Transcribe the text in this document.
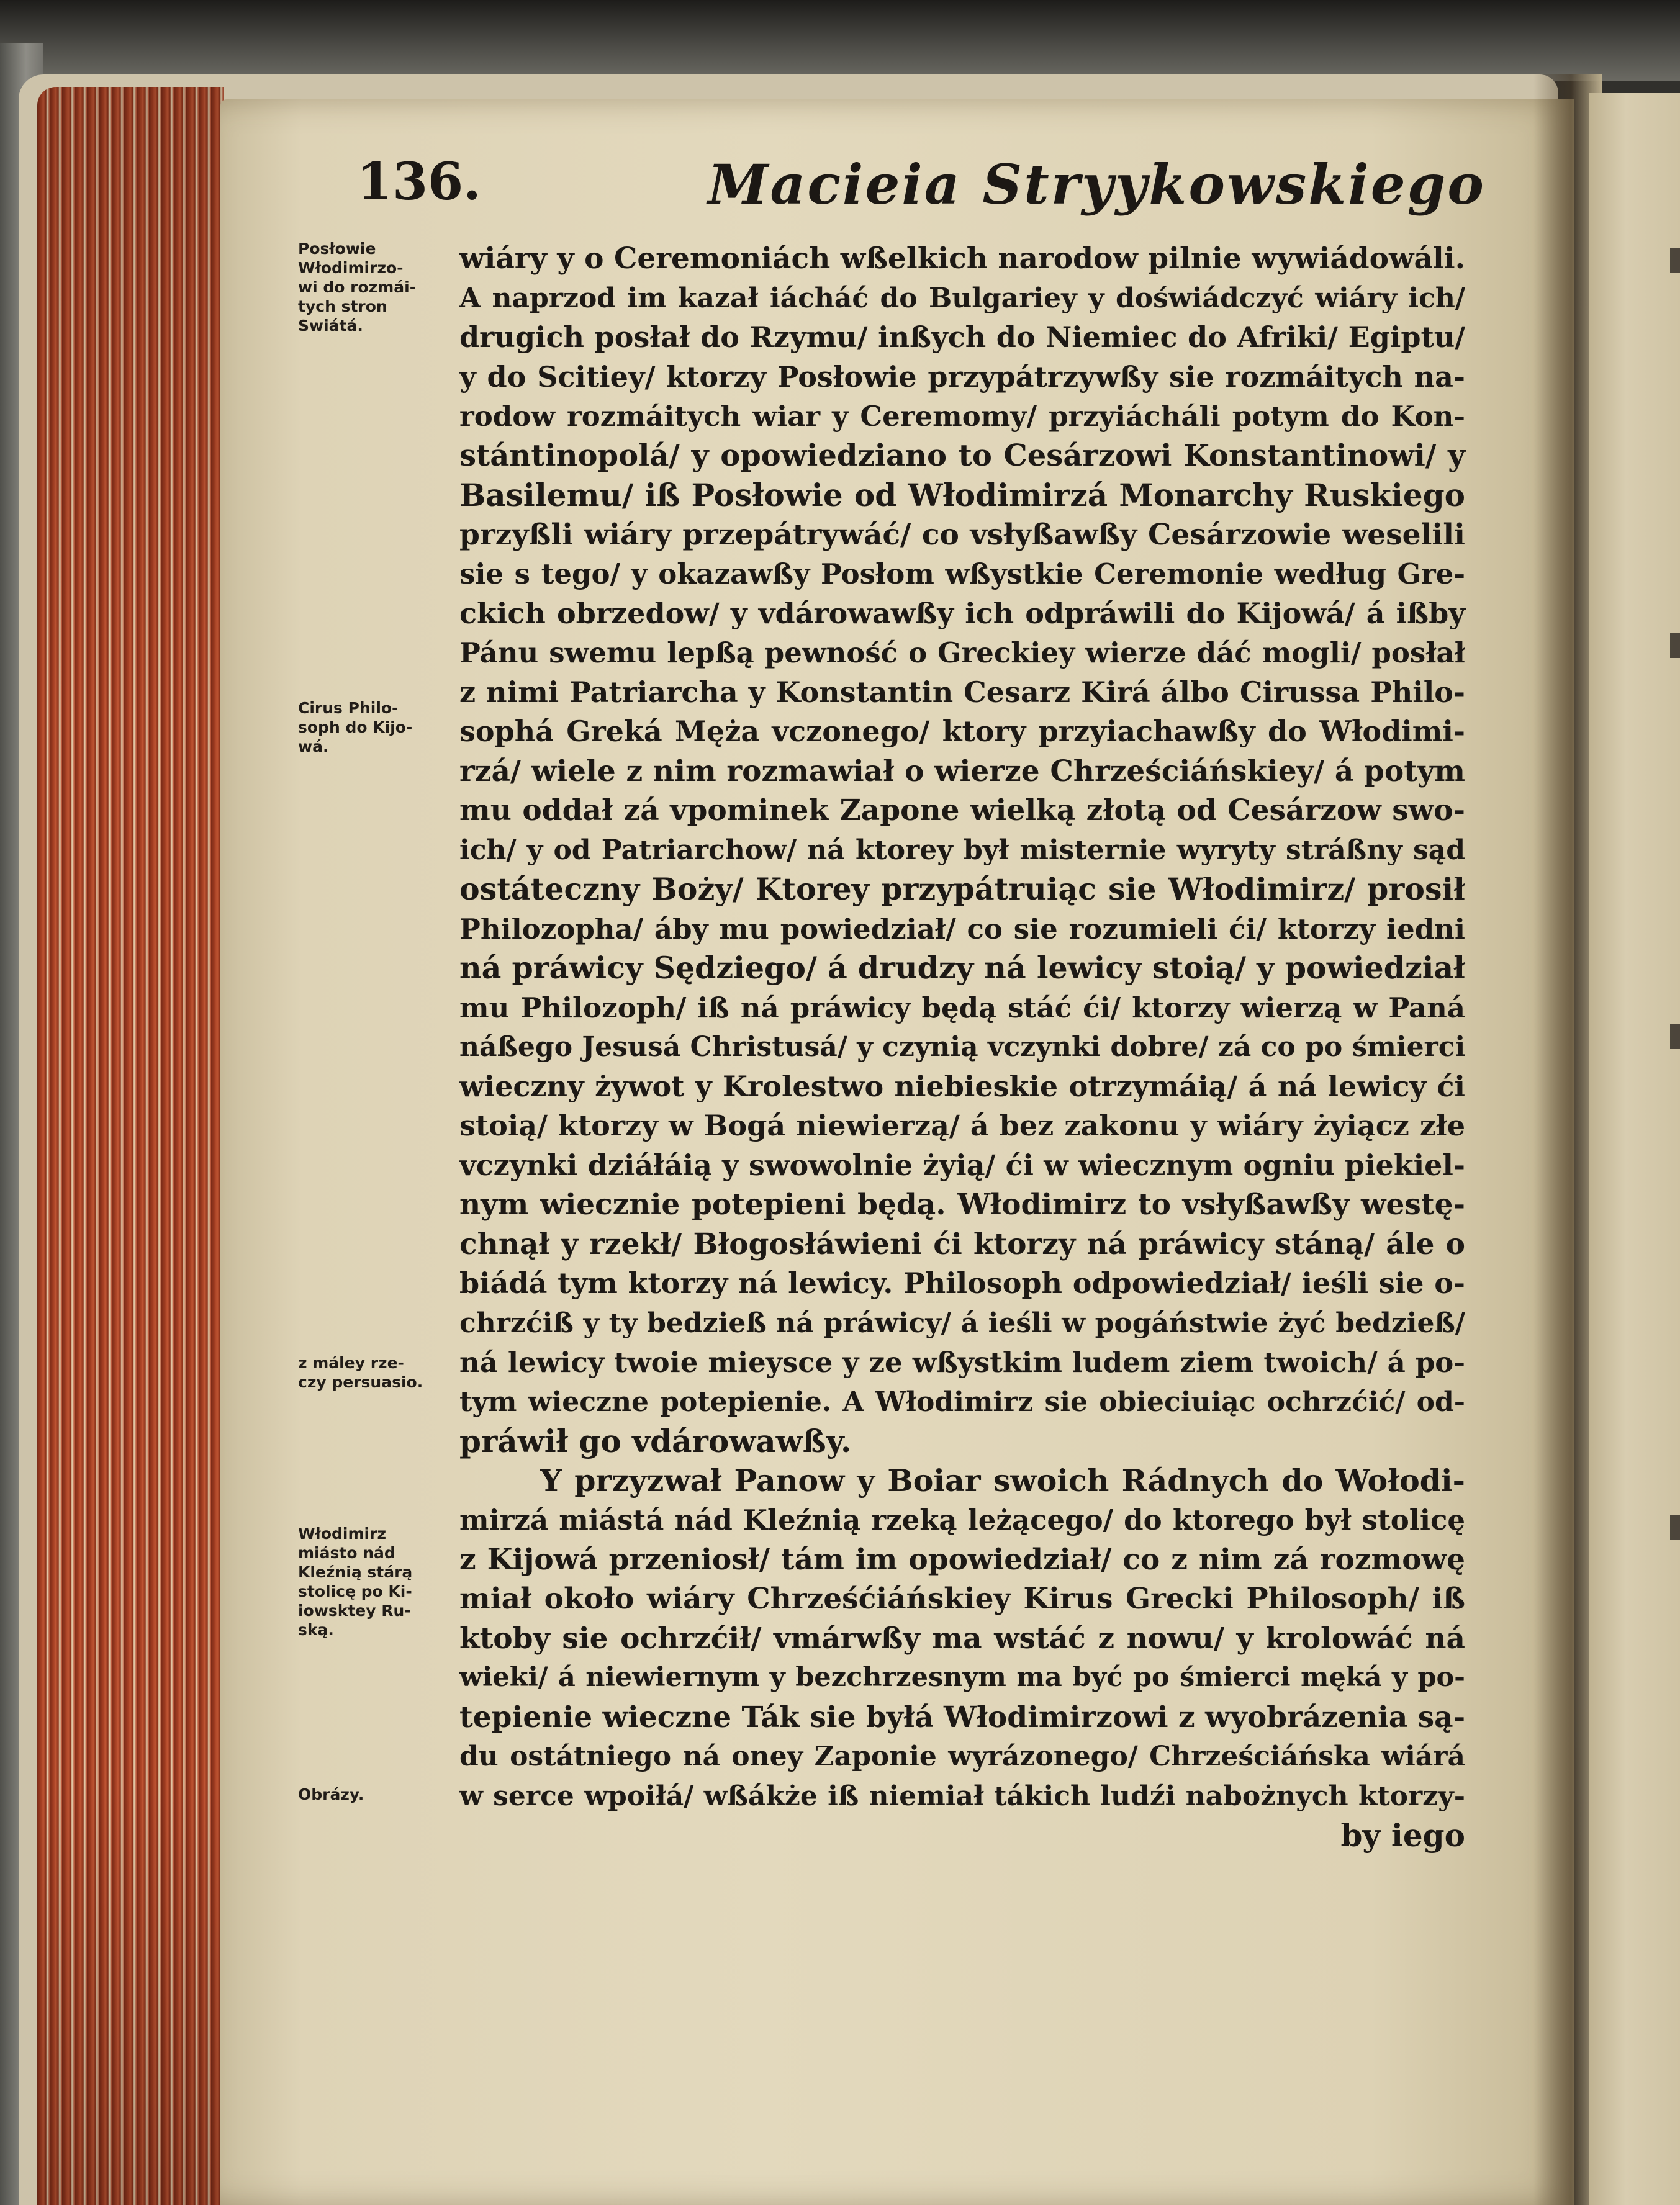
136.	Macieia Stryykowskiego

Posłowie
Włodimirzo-
wi do rozmái-
tych stron
Swiátá.
Cirus Philo-
soph do Kijo-
wá.
z máley rze-
czy persuasio.
Włodimirz
miásto nád
Kleźnią stárą
stolicę po Ki-
iowsktey Ru-
ską.
Obrázy.
wiáry y o Ceremoniách wßelkich narodow pilnie wywiádowáli.
A naprzod im kazał iácháć do Bulgariey y doświádczyć wiáry ich/
drugich posłał do Rzymu/ inßych do Niemiec do Afriki/ Egiptu/
y do Scitiey/ ktorzy Posłowie przypátrzywßy sie rozmáitych na-
rodow rozmáitych wiar y Ceremomy/ przyiácháli potym do Kon-
stántinopolá/ y opowiedziano to Cesárzowi Konstantinowi/ y
Basilemu/ iß Posłowie od Włodimirzá Monarchy Ruskiego
przyßli wiáry przepátrywáć/ co vsłyßawßy Cesárzowie weselili
sie s tego/ y okazawßy Posłom wßystkie Ceremonie według Gre-
ckich obrzedow/ y vdárowawßy ich odpráwili do Kijowá/ á ißby
Pánu swemu lepßą pewność o Greckiey wierze dáć mogli/ posłał
z nimi Patriarcha y Konstantin Cesarz Kirá álbo Cirussa Philo-
sophá Greká Męża vczonego/ ktory przyiachawßy do Włodimi-
rzá/ wiele z nim rozmawiał o wierze Chrześciáńskiey/ á potym
mu oddał zá vpominek Zapone wielką złotą od Cesárzow swo-
ich/ y od Patriarchow/ ná ktorey był misternie wyryty stráßny sąd
ostáteczny Boży/ Ktorey przypátruiąc sie Włodimirz/ prosił
Philozopha/ áby mu powiedział/ co sie rozumieli ći/ ktorzy iedni
ná práwicy Sędziego/ á drudzy ná lewicy stoią/ y powiedział
mu Philozoph/ iß ná práwicy będą stáć ći/ ktorzy wierzą w Paná
náßego Jesusá Christusá/ y czynią vczynki dobre/ zá co po śmierci
wieczny żywot y Krolestwo niebieskie otrzymáią/ á ná lewicy ći
stoią/ ktorzy w Bogá niewierzą/ á bez zakonu y wiáry żyiącz złe
vczynki dziáłáią y swowolnie żyią/ ći w wiecznym ogniu piekiel-
nym wiecznie potepieni będą. Włodimirz to vsłyßawßy westę-
chnął y rzekł/ Błogosłáwieni ći ktorzy ná práwicy stáną/ ále o
biádá tym ktorzy ná lewicy. Philosoph odpowiedział/ ieśli sie o-
chrzćiß y ty bedzieß ná práwicy/ á ieśli w pogáństwie żyć bedzieß/
ná lewicy twoie mieysce y ze wßystkim ludem ziem twoich/ á po-
tym wieczne potepienie. A Włodimirz sie obieciuiąc ochrzćić/ od-
práwił go vdárowawßy.
Y przyzwał Panow y Boiar swoich Rádnych do Wołodi-
mirzá miástá nád Kleźnią rzeką leżącego/ do ktorego był stolicę
z Kijowá przeniosł/ tám im opowiedział/ co z nim zá rozmowę
miał około wiáry Chrześćiáńskiey Kirus Grecki Philosoph/ iß
ktoby sie ochrzćił/ vmárwßy ma wstáć z nowu/ y krolowáć ná
wieki/ á niewiernym y bezchrzesnym ma być po śmierci męká y po-
tepienie wieczne Ták sie byłá Włodimirzowi z wyobrázenia są-
du ostátniego ná oney Zaponie wyrázonego/ Chrześciáńska wiárá
w serce wpoiłá/ wßákże iß niemiał tákich ludźi nabożnych ktorzy-
by iego
